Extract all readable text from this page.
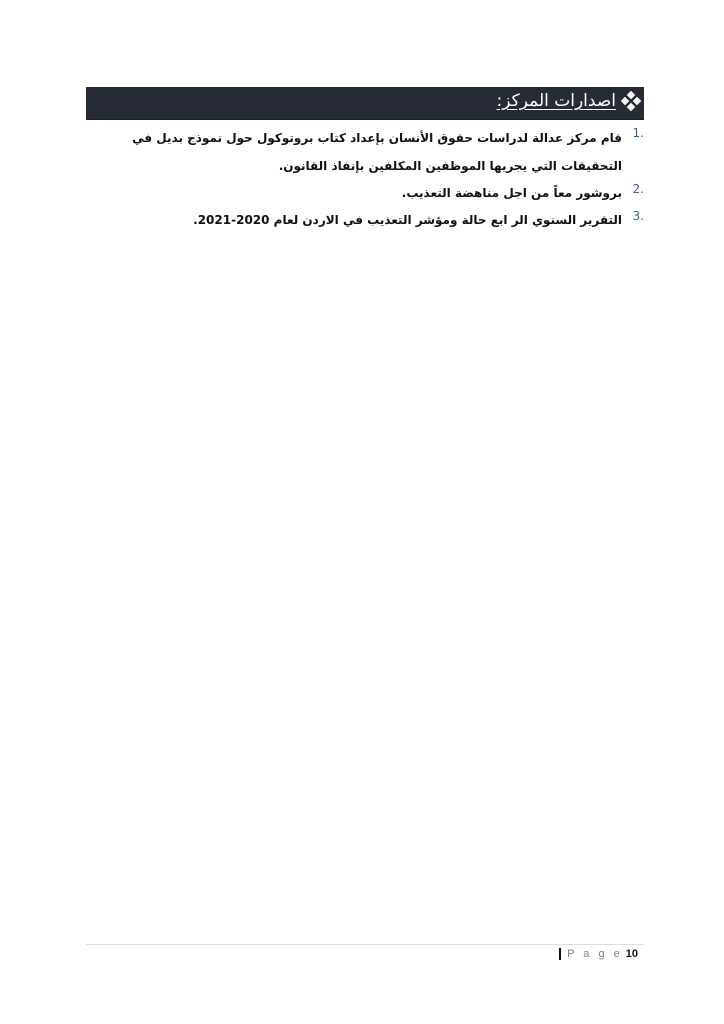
اصدارات المركز:
1.
قام مركز عدالة لدراسات حقوق الأنسان بإعداد كتاب بروتوكول حول نموذج بديل في التحقيقات التي يجريها الموظفين المكلفين بإنفاذ القانون.
2.
بروشور معاً من اجل مناهضة التعذيب.
3.
التقرير السنوي الر ابع حالة ومؤشر التعذيب في الاردن لعام 2020-2021.
P a g e 10
